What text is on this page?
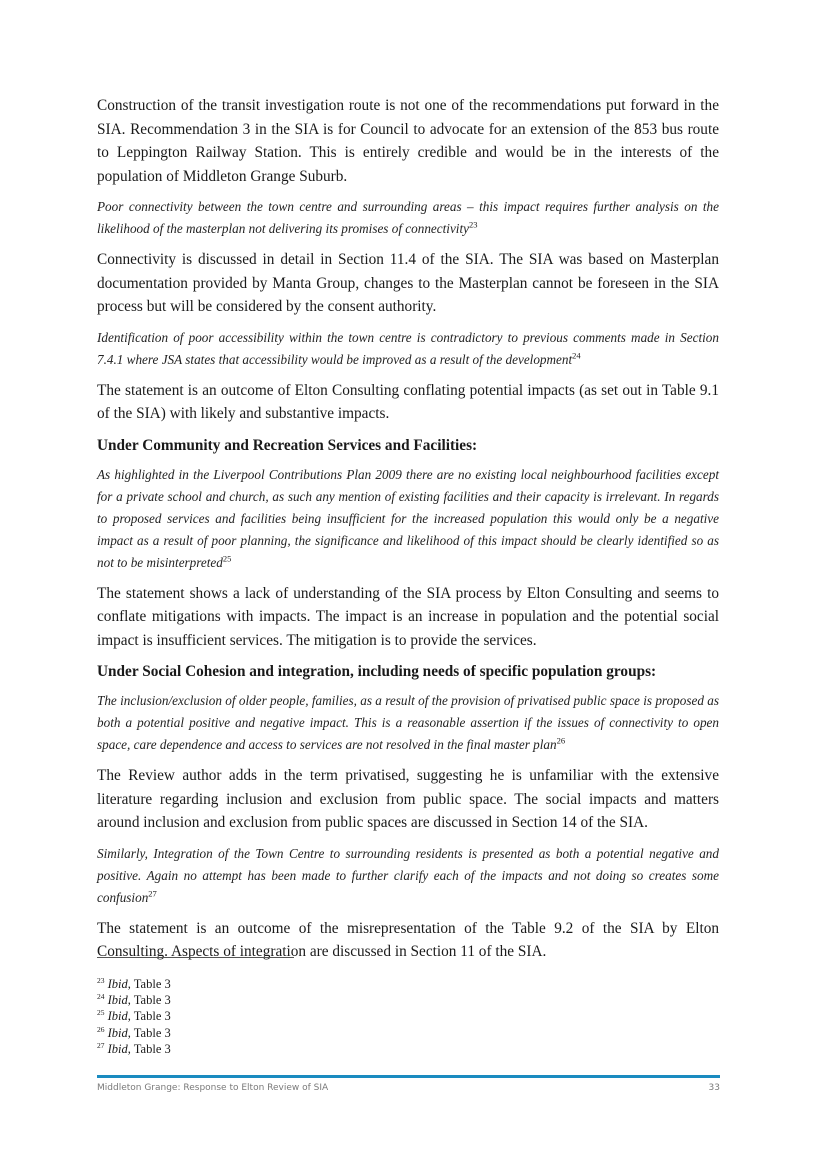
Construction of the transit investigation route is not one of the recommendations put forward in the SIA. Recommendation 3 in the SIA is for Council to advocate for an extension of the 853 bus route to Leppington Railway Station. This is entirely credible and would be in the interests of the population of Middleton Grange Suburb.

Poor connectivity between the town centre and surrounding areas – this impact requires further analysis on the likelihood of the masterplan not delivering its promises of connectivity$^{23}$

Connectivity is discussed in detail in Section 11.4 of the SIA. The SIA was based on Masterplan documentation provided by Manta Group, changes to the Masterplan cannot be foreseen in the SIA process but will be considered by the consent authority.

Identification of poor accessibility within the town centre is contradictory to previous comments made in Section 7.4.1 where JSA states that accessibility would be improved as a result of the development$^{24}$

The statement is an outcome of Elton Consulting conflating potential impacts (as set out in Table 9.1 of the SIA) with likely and substantive impacts.

Under Community and Recreation Services and Facilities:

As highlighted in the Liverpool Contributions Plan 2009 there are no existing local neighbourhood facilities except for a private school and church, as such any mention of existing facilities and their capacity is irrelevant. In regards to proposed services and facilities being insufficient for the increased population this would only be a negative impact as a result of poor planning, the significance and likelihood of this impact should be clearly identified so as not to be misinterpreted$^{25}$

The statement shows a lack of understanding of the SIA process by Elton Consulting and seems to conflate mitigations with impacts. The impact is an increase in population and the potential social impact is insufficient services. The mitigation is to provide the services.

Under Social Cohesion and integration, including needs of specific population groups:

The inclusion/exclusion of older people, families, as a result of the provision of privatised public space is proposed as both a potential positive and negative impact. This is a reasonable assertion if the issues of connectivity to open space, care dependence and access to services are not resolved in the final master plan$^{26}$

The Review author adds in the term privatised, suggesting he is unfamiliar with the extensive literature regarding inclusion and exclusion from public space. The social impacts and matters around inclusion and exclusion from public spaces are discussed in Section 14 of the SIA.

Similarly, Integration of the Town Centre to surrounding residents is presented as both a potential negative and positive. Again no attempt has been made to further clarify each of the impacts and not doing so creates some confusion$^{27}$

The statement is an outcome of the misrepresentation of the Table 9.2 of the SIA by Elton Consulting. Aspects of integration are discussed in Section 11 of the SIA.

$^{23}$ Ibid, Table 3
$^{24}$ Ibid, Table 3
$^{25}$ Ibid, Table 3
$^{26}$ Ibid, Table 3
$^{27}$ Ibid, Table 3
Middleton Grange: Response to Elton Review of SIA	33
